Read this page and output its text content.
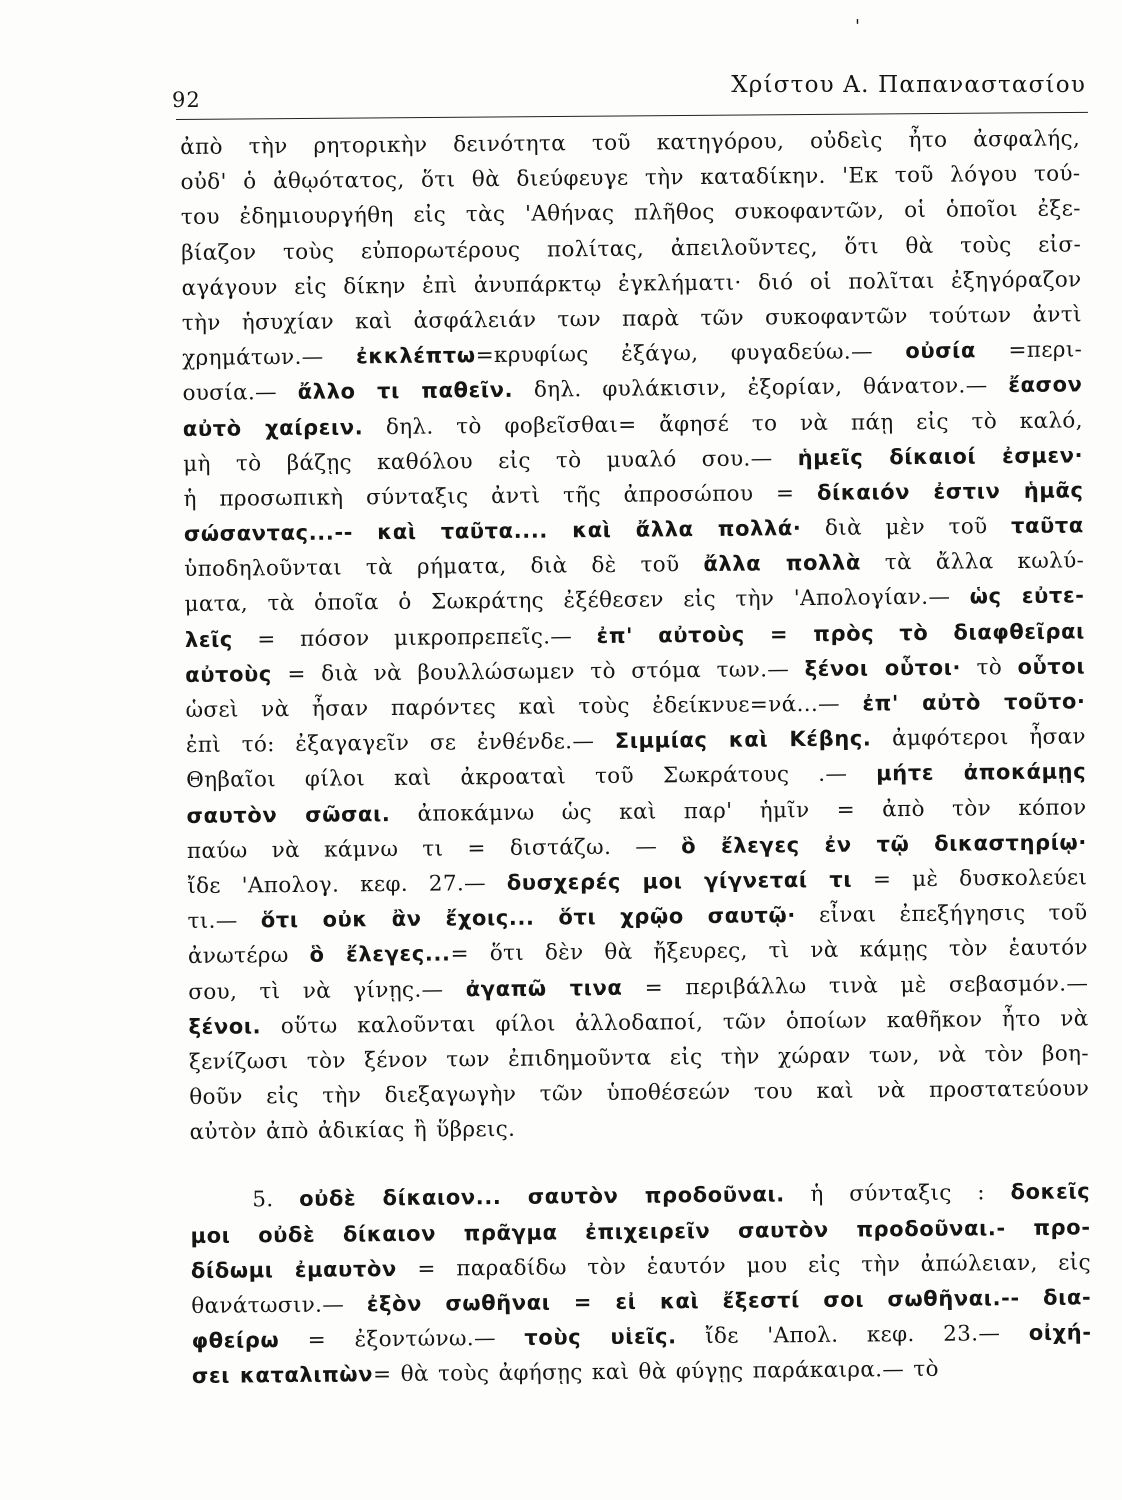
'
92
Χρίστου Α. Παπαναστασίου
ἀπὸ τὴν ρητορικὴν δεινότητα τοῦ κατηγόρου, οὐδεὶς ἦτο ἀσφαλής,
οὐδ' ὁ ἀθῳότατος, ὅτι θὰ διεύφευγε τὴν καταδίκην. 'Εκ τοῦ λόγου τού-
του ἐδημιουργήθη εἰς τὰς 'Αθήνας πλῆθος συκοφαντῶν, οἱ ὁποῖοι ἐξε-
βίαζον τοὺς εὐπορωτέρους πολίτας, ἀπειλοῦντες, ὅτι θὰ τοὺς εἰσ-
αγάγουν εἰς δίκην ἐπὶ ἀνυπάρκτῳ ἐγκλήματι· διό οἱ πολῖται ἐξηγόραζον
τὴν ἡσυχίαν καὶ ἀσφάλειάν των παρὰ τῶν συκοφαντῶν τούτων ἀντὶ
χρημάτων.— ἐκκλέπτω=κρυφίως ἐξάγω, φυγαδεύω.— οὐσία =περι-
ουσία.— ἄλλο τι παθεῖν. δηλ. φυλάκισιν, ἐξορίαν, θάνατον.— ἔασον
αὐτὸ χαίρειν. δηλ. τὸ φοβεῖσθαι= ἄφησέ το νὰ πάῃ εἰς τὸ καλό,
μὴ τὸ βάζῃς καθόλου εἰς τὸ μυαλό σου.— ἡμεῖς δίκαιοί ἐσμεν·
ἡ προσωπικὴ σύνταξις ἀντὶ τῆς ἀπροσώπου = δίκαιόν ἐστιν ἡμᾶς
σώσαντας...-- καὶ ταῦτα.... καὶ ἄλλα πολλά· διὰ μὲν τοῦ ταῦτα
ὑποδηλοῦνται τὰ ρήματα, διὰ δὲ τοῦ ἄλλα πολλὰ τὰ ἄλλα κωλύ-
ματα, τὰ ὁποῖα ὁ Σωκράτης ἐξέθεσεν εἰς τὴν 'Απολογίαν.— ὡς εὐτε-
λεῖς = πόσον μικροπρεπεῖς.— ἐπ' αὐτοὺς = πρὸς τὸ διαφθεῖραι
αὐτοὺς = διὰ νὰ βουλλώσωμεν τὸ στόμα των.— ξένοι οὗτοι· τὸ οὗτοι
ὡσεὶ νὰ ἦσαν παρόντες καὶ τοὺς ἐδείκνυε=νά...— ἐπ' αὐτὸ τοῦτο·
ἐπὶ τό: ἐξαγαγεῖν σε ἐνθένδε.— Σιμμίας καὶ Κέβης. ἀμφότεροι ἦσαν
Θηβαῖοι φίλοι καὶ ἀκροαταὶ τοῦ Σωκράτους .— μήτε ἀποκάμῃς
σαυτὸν σῶσαι. ἀποκάμνω ὡς καὶ παρ' ἡμῖν = ἀπὸ τὸν κόπον
παύω νὰ κάμνω τι = διστάζω. — ὃ ἔλεγες ἐν τῷ δικαστηρίῳ·
ἴδε 'Απολογ. κεφ. 27.— δυσχερές μοι γίγνεταί τι = μὲ δυσκολεύει
τι.— ὅτι οὐκ ἂν ἔχοις... ὅτι χρῷο σαυτῷ· εἶναι ἐπεξήγησις τοῦ
ἀνωτέρω ὃ ἔλεγες...= ὅτι δὲν θὰ ἤξευρες, τὶ νὰ κάμῃς τὸν ἑαυτόν
σου, τὶ νὰ γίνῃς.— ἀγαπῶ τινα = περιβάλλω τινὰ μὲ σεβασμόν.—
ξένοι. οὕτω καλοῦνται φίλοι ἀλλοδαποί, τῶν ὁποίων καθῆκον ἦτο νὰ
ξενίζωσι τὸν ξένον των ἐπιδημοῦντα εἰς τὴν χώραν των, νὰ τὸν βοη-
θοῦν εἰς τὴν διεξαγωγὴν τῶν ὑποθέσεών του καὶ νὰ προστατεύουν
αὐτὸν ἀπὸ ἀδικίας ἢ ὕβρεις.
5. οὐδὲ δίκαιον... σαυτὸν προδοῦναι. ἡ σύνταξις : δοκεῖς
μοι οὐδὲ δίκαιον πρᾶγμα ἐπιχειρεῖν σαυτὸν προδοῦναι.- προ-
δίδωμι ἐμαυτὸν = παραδίδω τὸν ἑαυτόν μου εἰς τὴν ἀπώλειαν, εἰς
θανάτωσιν.— ἐξὸν σωθῆναι = εἰ καὶ ἔξεστί σοι σωθῆναι.-- δια-
φθείρω = ἐξοντώνω.— τοὺς υἱεῖς. ἴδε 'Απολ. κεφ. 23.— οἰχή-
σει καταλιπὼν= θὰ τοὺς ἀφήσῃς καὶ θὰ φύγῃς παράκαιρα.— τὸ
